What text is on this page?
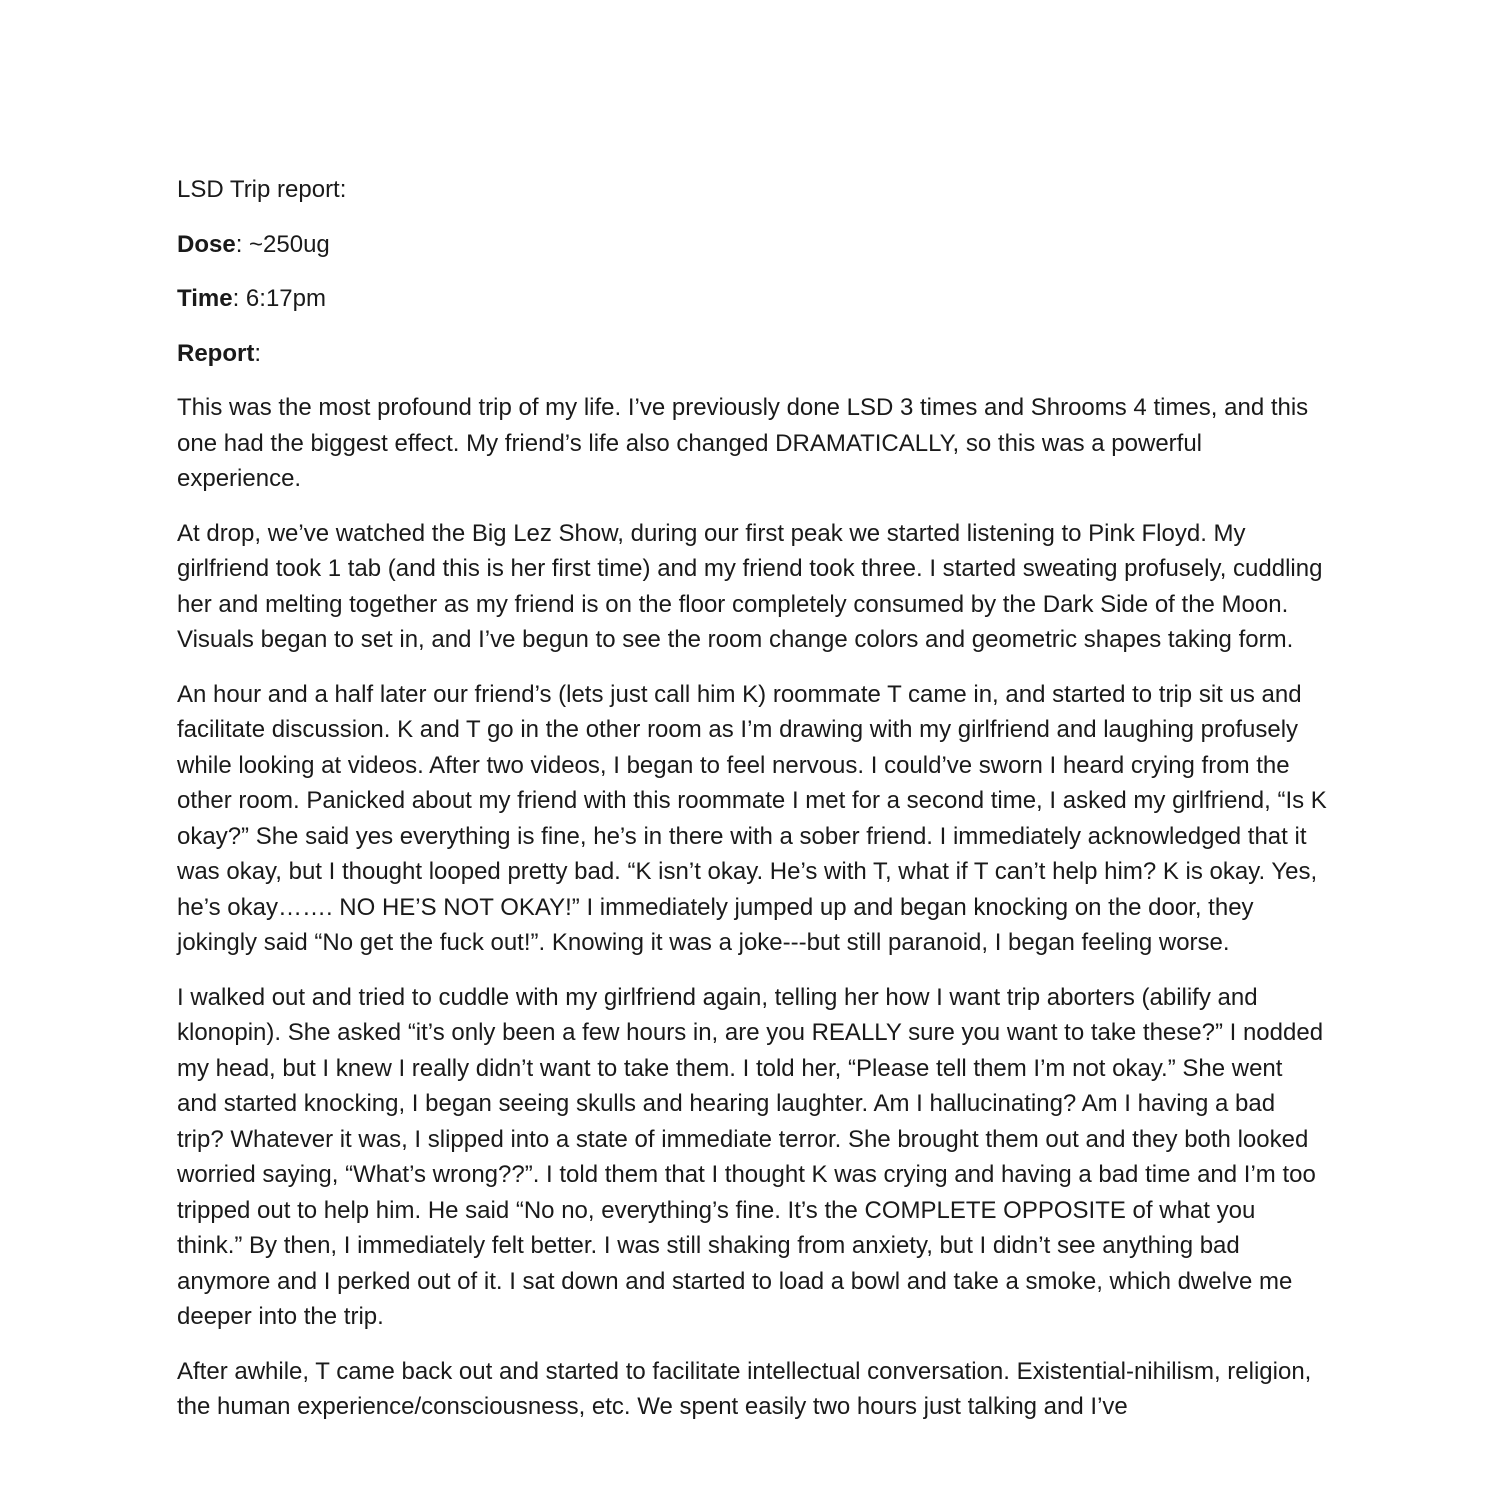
LSD Trip report:

Dose: ~250ug

Time: 6:17pm

Report:

This was the most profound trip of my life. I’ve previously done LSD 3 times and Shrooms 4 times, and this one had the biggest effect. My friend’s life also changed DRAMATICALLY, so this was a powerful experience.

At drop, we’ve watched the Big Lez Show, during our first peak we started listening to Pink Floyd. My girlfriend took 1 tab (and this is her first time) and my friend took three. I started sweating profusely, cuddling her and melting together as my friend is on the floor completely consumed by the Dark Side of the Moon. Visuals began to set in, and I’ve begun to see the room change colors and geometric shapes taking form.

An hour and a half later our friend’s (lets just call him K) roommate T came in, and started to trip sit us and facilitate discussion. K and T go in the other room as I’m drawing with my girlfriend and laughing profusely while looking at videos. After two videos, I began to feel nervous. I could’ve sworn I heard crying from the other room. Panicked about my friend with this roommate I met for a second time, I asked my girlfriend, “Is K okay?” She said yes everything is fine, he’s in there with a sober friend. I immediately acknowledged that it was okay, but I thought looped pretty bad. “K isn’t okay. He’s with T, what if T can’t help him? K is okay. Yes, he’s okay……. NO HE’S NOT OKAY!” I immediately jumped up and began knocking on the door, they jokingly said “No get the fuck out!”. Knowing it was a joke---but still paranoid, I began feeling worse.

I walked out and tried to cuddle with my girlfriend again, telling her how I want trip aborters (abilify and klonopin). She asked “it’s only been a few hours in, are you REALLY sure you want to take these?” I nodded my head, but I knew I really didn’t want to take them. I told her, “Please tell them I’m not okay.” She went and started knocking, I began seeing skulls and hearing laughter. Am I hallucinating? Am I having a bad trip? Whatever it was, I slipped into a state of immediate terror. She brought them out and they both looked worried saying, “What’s wrong??”. I told them that I thought K was crying and having a bad time and I’m too tripped out to help him. He said “No no, everything’s fine. It’s the COMPLETE OPPOSITE of what you think.” By then, I immediately felt better. I was still shaking from anxiety, but I didn’t see anything bad anymore and I perked out of it. I sat down and started to load a bowl and take a smoke, which dwelve me deeper into the trip.

After awhile, T came back out and started to facilitate intellectual conversation. Existential-nihilism, religion, the human experience/consciousness, etc. We spent easily two hours just talking and I’ve
